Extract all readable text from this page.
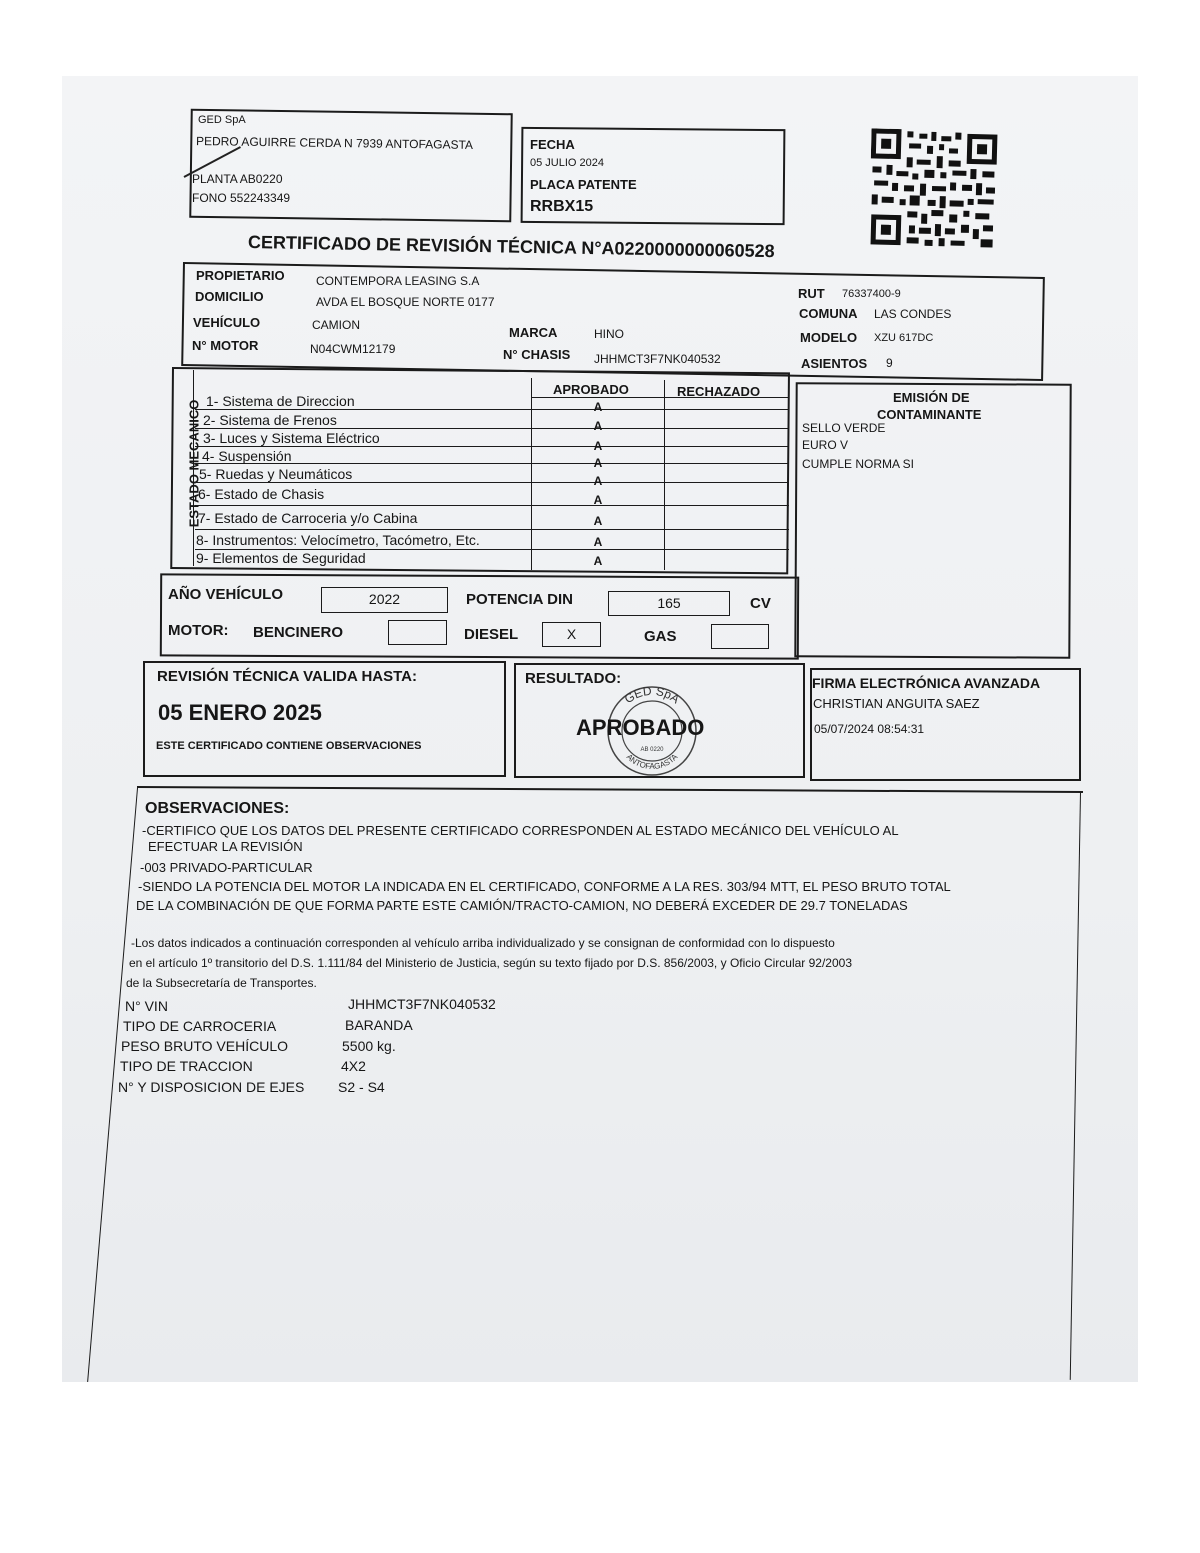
GED SpA
PEDRO AGUIRRE CERDA N 7939 ANTOFAGASTA
PLANTA AB0220
FONO 552243349
FECHA
05 JULIO 2024
PLACA PATENTE
RRBX15
CERTIFICADO DE REVISIÓN TÉCNICA N°A0220000000060528
PROPIETARIO	CONTEMPORA LEASING S.A
DOMICILIO	AVDA EL BOSQUE NORTE 0177
VEHÍCULO	CAMION
N° MOTOR	N04CWM12179
MARCA	HINO
N° CHASIS JHHMCT3F7NK040532
RUT 76337400-9
COMUNA LAS CONDES
MODELO XZU 617DC
ASIENTOS 9
ESTADO MECANICO
APROBADO	RECHAZADO
1- Sistema de Direccion	A
2- Sistema de Frenos	A
3- Luces y Sistema Eléctrico	A
4- Suspensión	A
5- Ruedas y Neumáticos	A
6- Estado de Chasis	A
7- Estado de Carroceria y/o Cabina	A
8- Instrumentos: Velocímetro, Tacómetro, Etc.	A
9- Elementos de Seguridad	A
EMISIÓN DE
CONTAMINANTE
SELLO VERDE
EURO V
CUMPLE NORMA SI
AÑO VEHÍCULO	2022	POTENCIA DIN	165	CV
MOTOR: BENCINERO	DIESEL	X	GAS
REVISIÓN TÉCNICA VALIDA HASTA:
05 ENERO 2025
ESTE CERTIFICADO CONTIENE OBSERVACIONES
RESULTADO:
GED SpA
ANTOFAGASTA
AB 0220
APROBADO
FIRMA ELECTRÓNICA AVANZADA
CHRISTIAN ANGUITA SAEZ
05/07/2024 08:54:31
OBSERVACIONES:
-CERTIFICO QUE LOS DATOS DEL PRESENTE CERTIFICADO CORRESPONDEN AL ESTADO MECÁNICO DEL VEHÍCULO AL
EFECTUAR LA REVISIÓN
-003 PRIVADO-PARTICULAR
-SIENDO LA POTENCIA DEL MOTOR LA INDICADA EN EL CERTIFICADO, CONFORME A LA RES. 303/94 MTT, EL PESO BRUTO TOTAL
DE LA COMBINACIÓN DE QUE FORMA PARTE ESTE CAMIÓN/TRACTO-CAMION, NO DEBERÁ EXCEDER DE 29.7 TONELADAS
-Los datos indicados a continuación corresponden al vehículo arriba individualizado y se consignan de conformidad con lo dispuesto
en el artículo 1º transitorio del D.S. 1.111/84 del Ministerio de Justicia, según su texto fijado por D.S. 856/2003, y Oficio Circular 92/2003
de la Subsecretaría de Transportes.
N° VIN	JHHMCT3F7NK040532
TIPO DE CARROCERIA	BARANDA
PESO BRUTO VEHÍCULO	5500 kg.
TIPO DE TRACCION	4X2
N° Y DISPOSICION DE EJES S2 - S4
